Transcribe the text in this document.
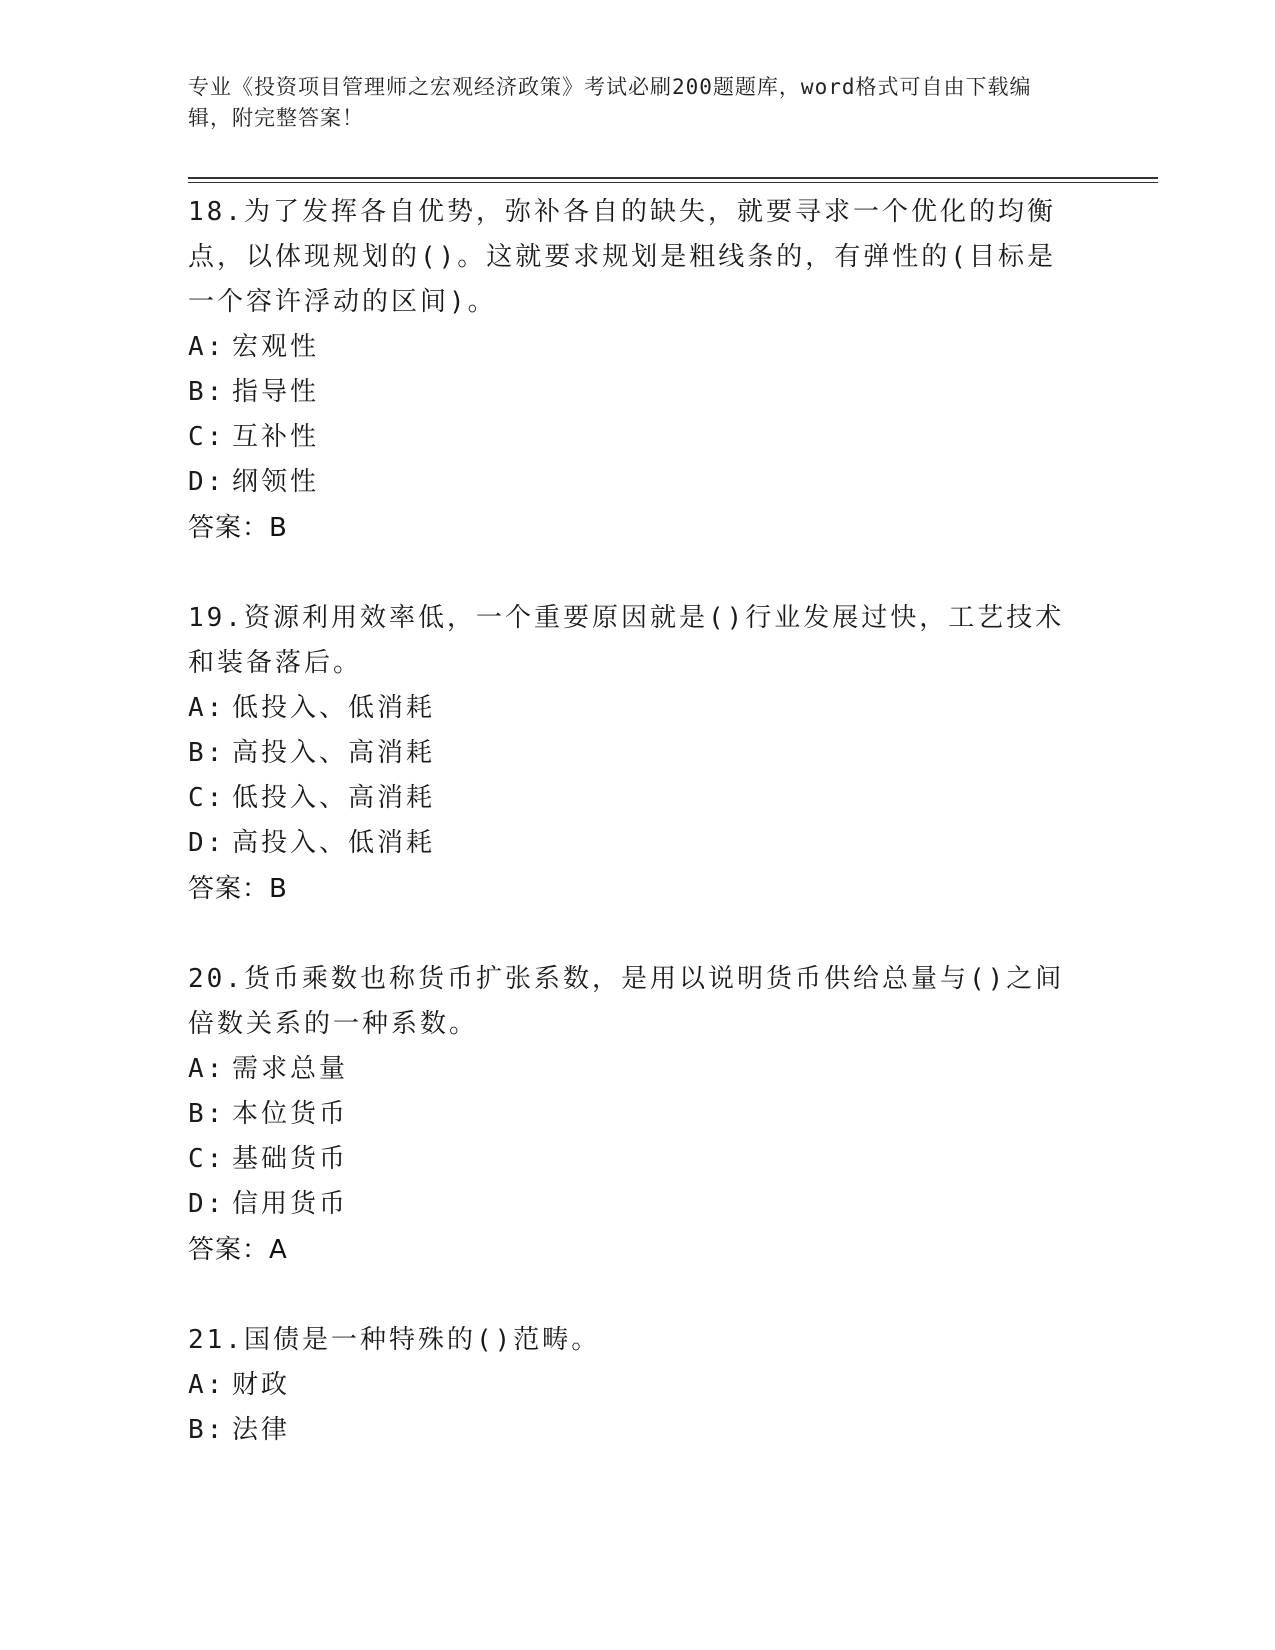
专业《投资项目管理师之宏观经济政策》考试必刷200题题库，word格式可自由下载编辑，附完整答案！

18.为了发挥各自优势，弥补各自的缺失，就要寻求一个优化的均衡点，以体现规划的()。这就要求规划是粗线条的，有弹性的(目标是一个容许浮动的区间)。

A: 宏观性

B: 指导性

C: 互补性

D: 纲领性

答案：B

19.资源利用效率低，一个重要原因就是()行业发展过快，工艺技术和装备落后。

A: 低投入、低消耗

B: 高投入、高消耗

C: 低投入、高消耗

D: 高投入、低消耗

答案：B

20.货币乘数也称货币扩张系数，是用以说明货币供给总量与()之间倍数关系的一种系数。

A: 需求总量

B: 本位货币

C: 基础货币

D: 信用货币

答案：A

21.国债是一种特殊的()范畴。

A: 财政

B: 法律
